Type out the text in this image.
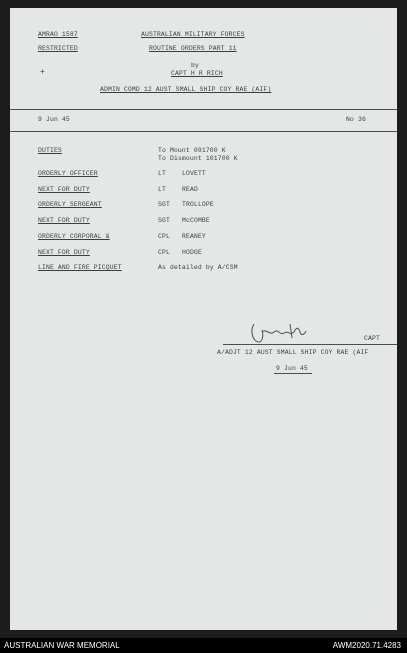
AMRAO 1587
RESTRICTED
+
AUSTRALIAN MILITARY FORCES
ROUTINE ORDERS PART 11
by
CAPT H R RICH
ADMIN COMD 12 AUST SMALL SHIP COY RAE (AIF)
9 Jun 45	No 36
DUTIES	To Mount 091700 K
To Dismount 101700 K
ORDERLY OFFICER	LT	LOVETT
NEXT FOR DUTY	LT	READ
ORDERLY SERGEANT	SGT TROLLOPE
NEXT FOR DUTY	SGT McCOMBE
ORDERLY CORPORAL &	CPL REANEY
NEXT FOR DUTY	CPL HODGE
LINE AND FIRE PICQUET	As detailed by A/CSM
CAPT
A/ADJT 12 AUST SMALL SHIP COY RAE (AIF
9 Jun 45
AUSTRALIAN WAR MEMORIAL	AWM2020.71.4283
